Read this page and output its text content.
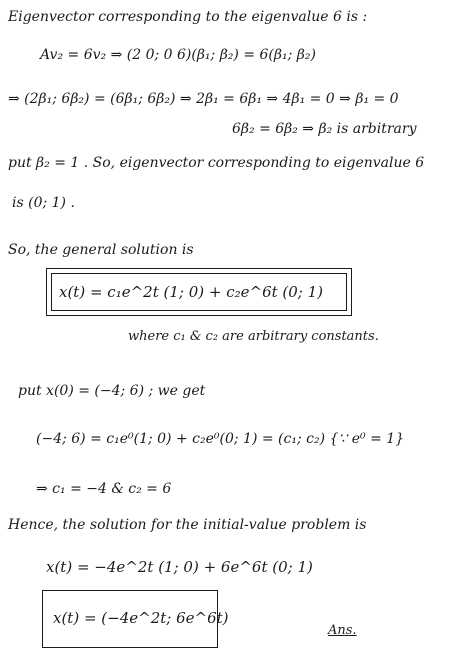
Eigenvector corresponding to the eigenvalue 6 is :
Av₂ = 6v₂ ⇒ (2 0; 0 6)(β₁; β₂) = 6(β₁; β₂)
⇒ (2β₁; 6β₂) = (6β₁; 6β₂) ⇒ 2β₁ = 6β₁ ⇒ 4β₁ = 0 ⇒ β₁ = 0
6β₂ = 6β₂ ⇒ β₂ is arbitrary
put β₂ = 1 . So, eigenvector corresponding to eigenvalue 6
is (0; 1) .
So, the general solution is
x(t) = c₁e^2t (1; 0) + c₂e^6t (0; 1)
where c₁ & c₂ are arbitrary constants.
put x(0) = (−4; 6) ; we get
(−4; 6) = c₁e⁰(1; 0) + c₂e⁰(0; 1) = (c₁; c₂) {∵ e⁰ = 1}
⇒ c₁ = −4 & c₂ = 6
Hence, the solution for the initial-value problem is
x(t) = −4e^2t (1; 0) + 6e^6t (0; 1)
x(t) = (−4e^2t; 6e^6t)
Ans.
